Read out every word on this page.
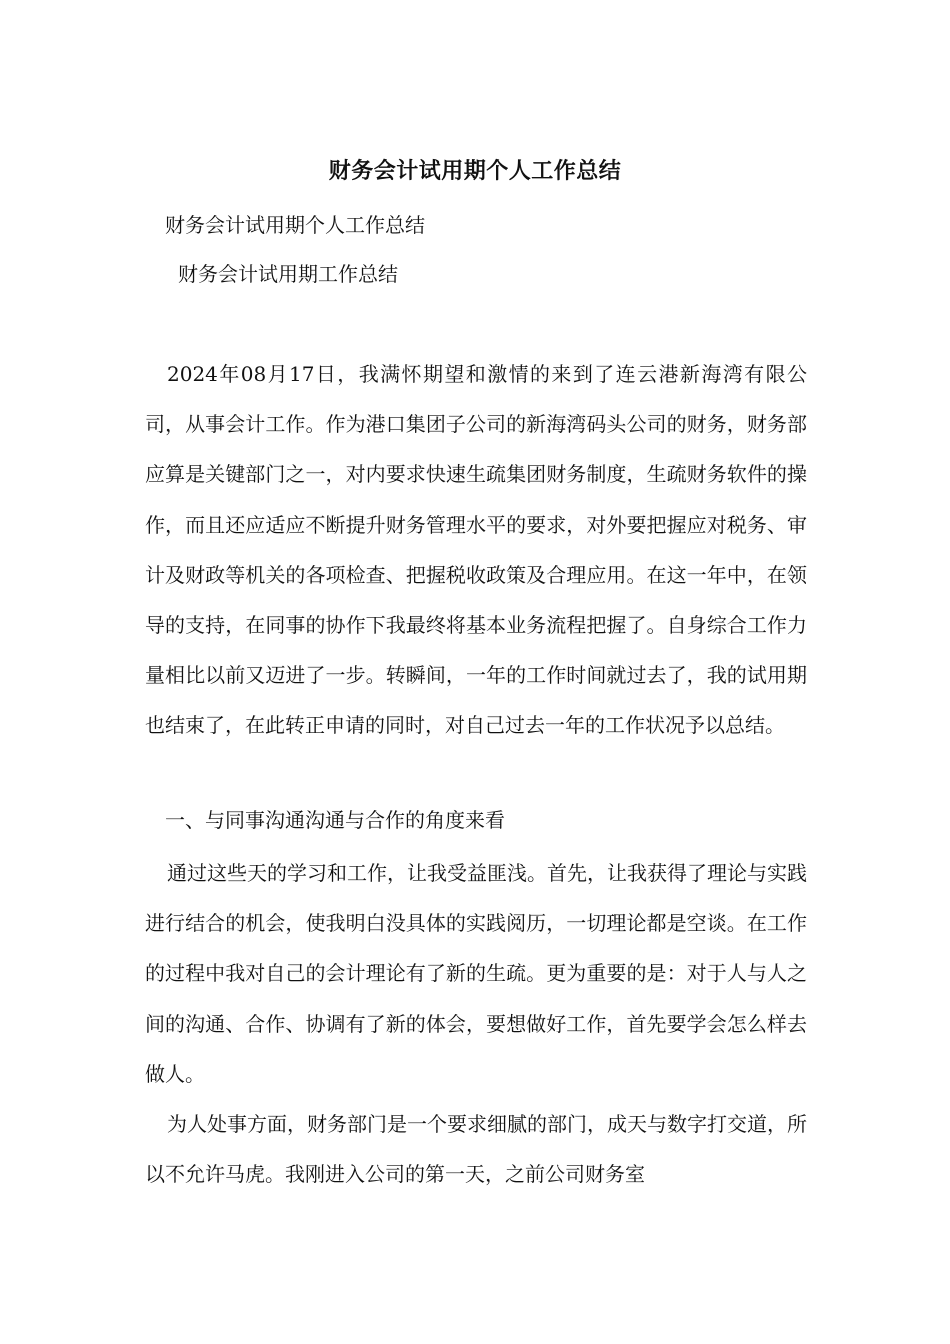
财务会计试用期个人工作总结
财务会计试用期个人工作总结
财务会计试用期工作总结

2024年08月17日，我满怀期望和激情的来到了连云港新海湾有限公司，从事会计工作。作为港口集团子公司的新海湾码头公司的财务，财务部应算是关键部门之一，对内要求快速生疏集团财务制度，生疏财务软件的操作，而且还应适应不断提升财务管理水平的要求，对外要把握应对税务、审计及财政等机关的各项检查、把握税收政策及合理应用。在这一年中，在领导的支持，在同事的协作下我最终将基本业务流程把握了。自身综合工作力量相比以前又迈进了一步。转瞬间，一年的工作时间就过去了，我的试用期也结束了，在此转正申请的同时，对自己过去一年的工作状况予以总结。

一、与同事沟通沟通与合作的角度来看

通过这些天的学习和工作，让我受益匪浅。首先，让我获得了理论与实践进行结合的机会，使我明白没具体的实践阅历，一切理论都是空谈。在工作的过程中我对自己的会计理论有了新的生疏。更为重要的是：对于人与人之间的沟通、合作、协调有了新的体会，要想做好工作，首先要学会怎么样去做人。

为人处事方面，财务部门是一个要求细腻的部门，成天与数字打交道，所以不允许马虎。我刚进入公司的第一天，之前公司财务室
